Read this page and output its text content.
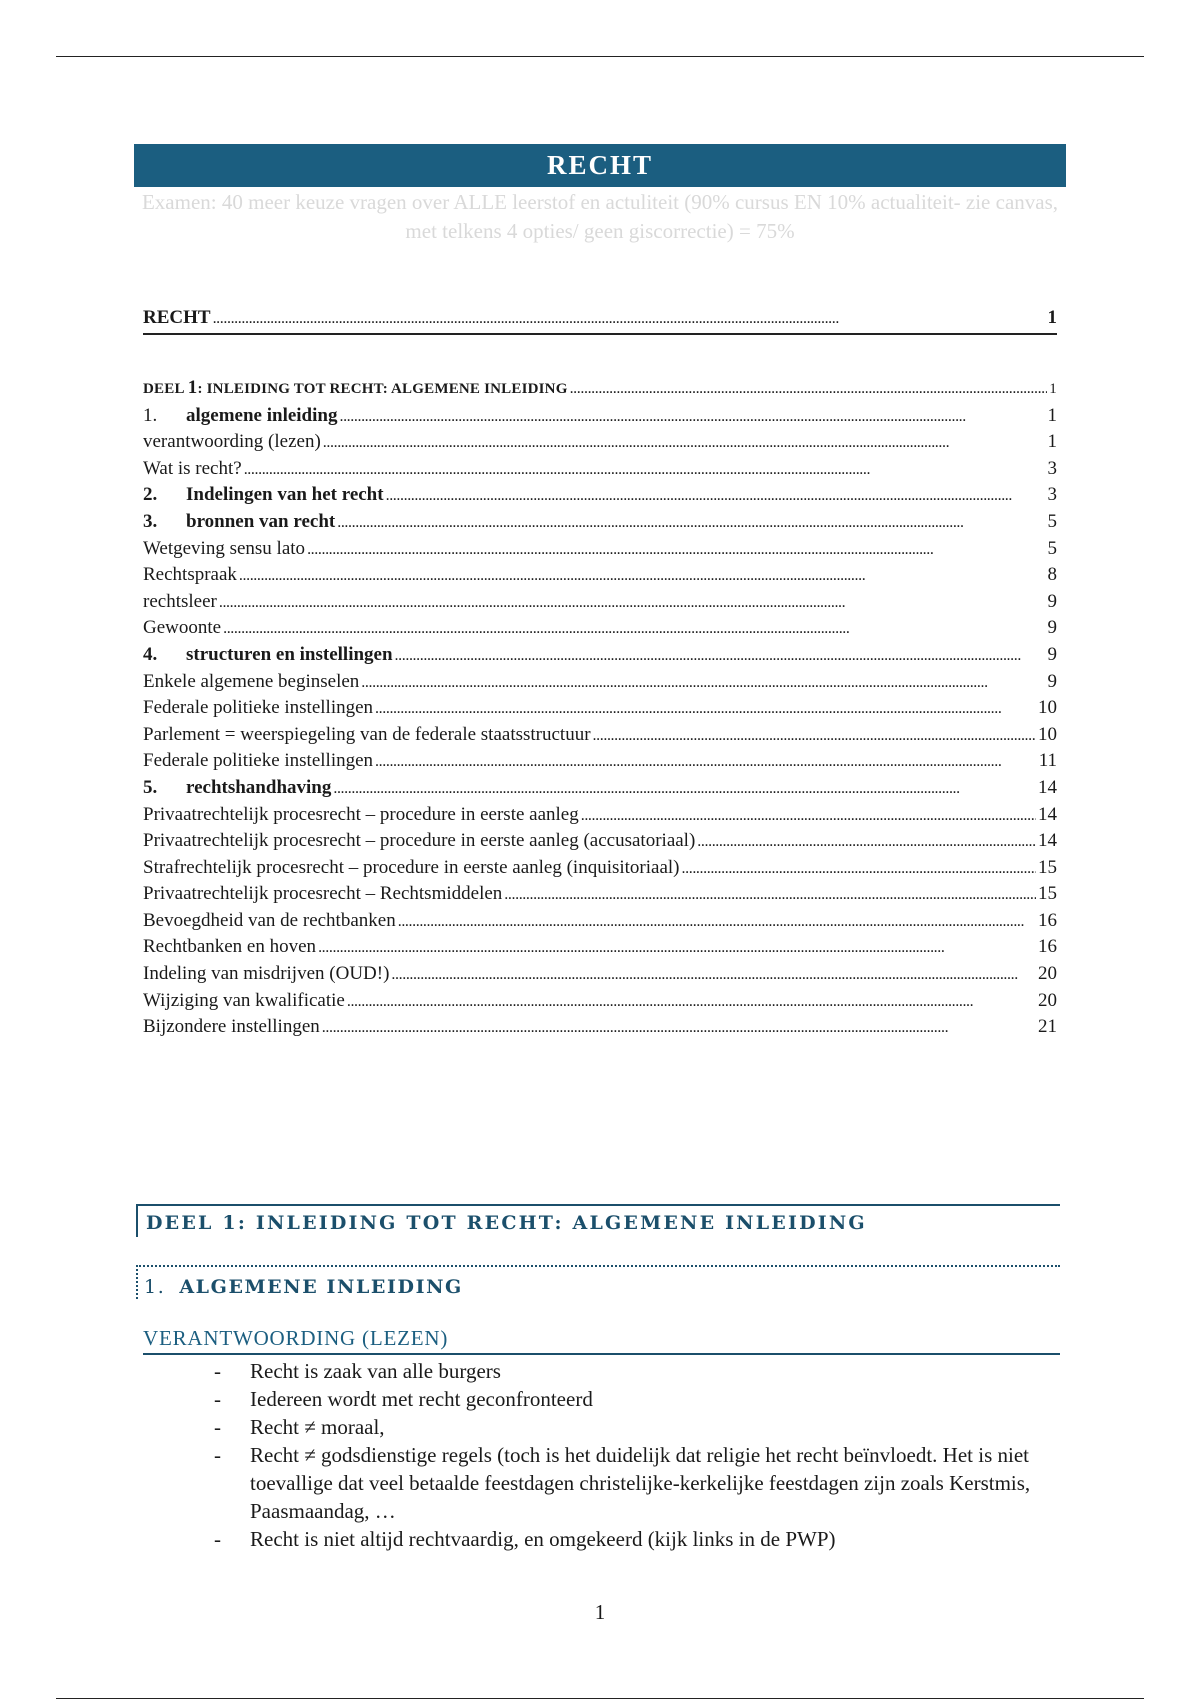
RECHT
Examen: 40 meer keuze vragen over ALLE leerstof en actuliteit (90% cursus EN 10% actualiteit- zie canvas, met telkens 4 opties/ geen giscorrectie) = 75%
RECHT . . .	1
DEEL 1: INLEIDING TOT RECHT: ALGEMENE INLEIDING . . .	1
1.	algemene inleiding . . .	1
verantwoording (lezen) . . .	1
Wat is recht? . . .	3
2.	Indelingen van het recht . . .	3
3.	bronnen van recht . . .	5
Wetgeving sensu lato . . .	5
Rechtspraak . . .	8
rechtsleer . . .	9
Gewoonte . . .	9
4.	structuren en instellingen . . .	9
Enkele algemene beginselen . . .	9
Federale politieke instellingen . . .	10
Parlement = weerspiegeling van de federale staatsstructuur . . .	10
Federale politieke instellingen . . .	11
5.	rechtshandhaving . . .	14
Privaatrechtelijk procesrecht – procedure in eerste aanleg . . .	14
Privaatrechtelijk procesrecht – procedure in eerste aanleg (accusatoriaal) . . .	14
Strafrechtelijk procesrecht – procedure in eerste aanleg (inquisitoriaal) . . .	15
Privaatrechtelijk procesrecht – Rechtsmiddelen . . .	15
Bevoegdheid van de rechtbanken . . .	16
Rechtbanken en hoven . . .	16
Indeling van misdrijven (OUD!) . . .	20
Wijziging van kwalificatie . . .	20
Bijzondere instellingen . . .	21
DEEL 1: INLEIDING TOT RECHT: ALGEMENE INLEIDING
1. ALGEMENE INLEIDING
VERANTWOORDING (LEZEN)
- Recht is zaak van alle burgers
- Iedereen wordt met recht geconfronteerd
- Recht ≠ moraal,
- Recht ≠ godsdienstige regels (toch is het duidelijk dat religie het recht beïnvloedt. Het is niet toevallige dat veel betaalde feestdagen christelijke-kerkelijke feestdagen zijn zoals Kerstmis, Paasmaandag, …
- Recht is niet altijd rechtvaardig, en omgekeerd (kijk links in de PWP)
1
